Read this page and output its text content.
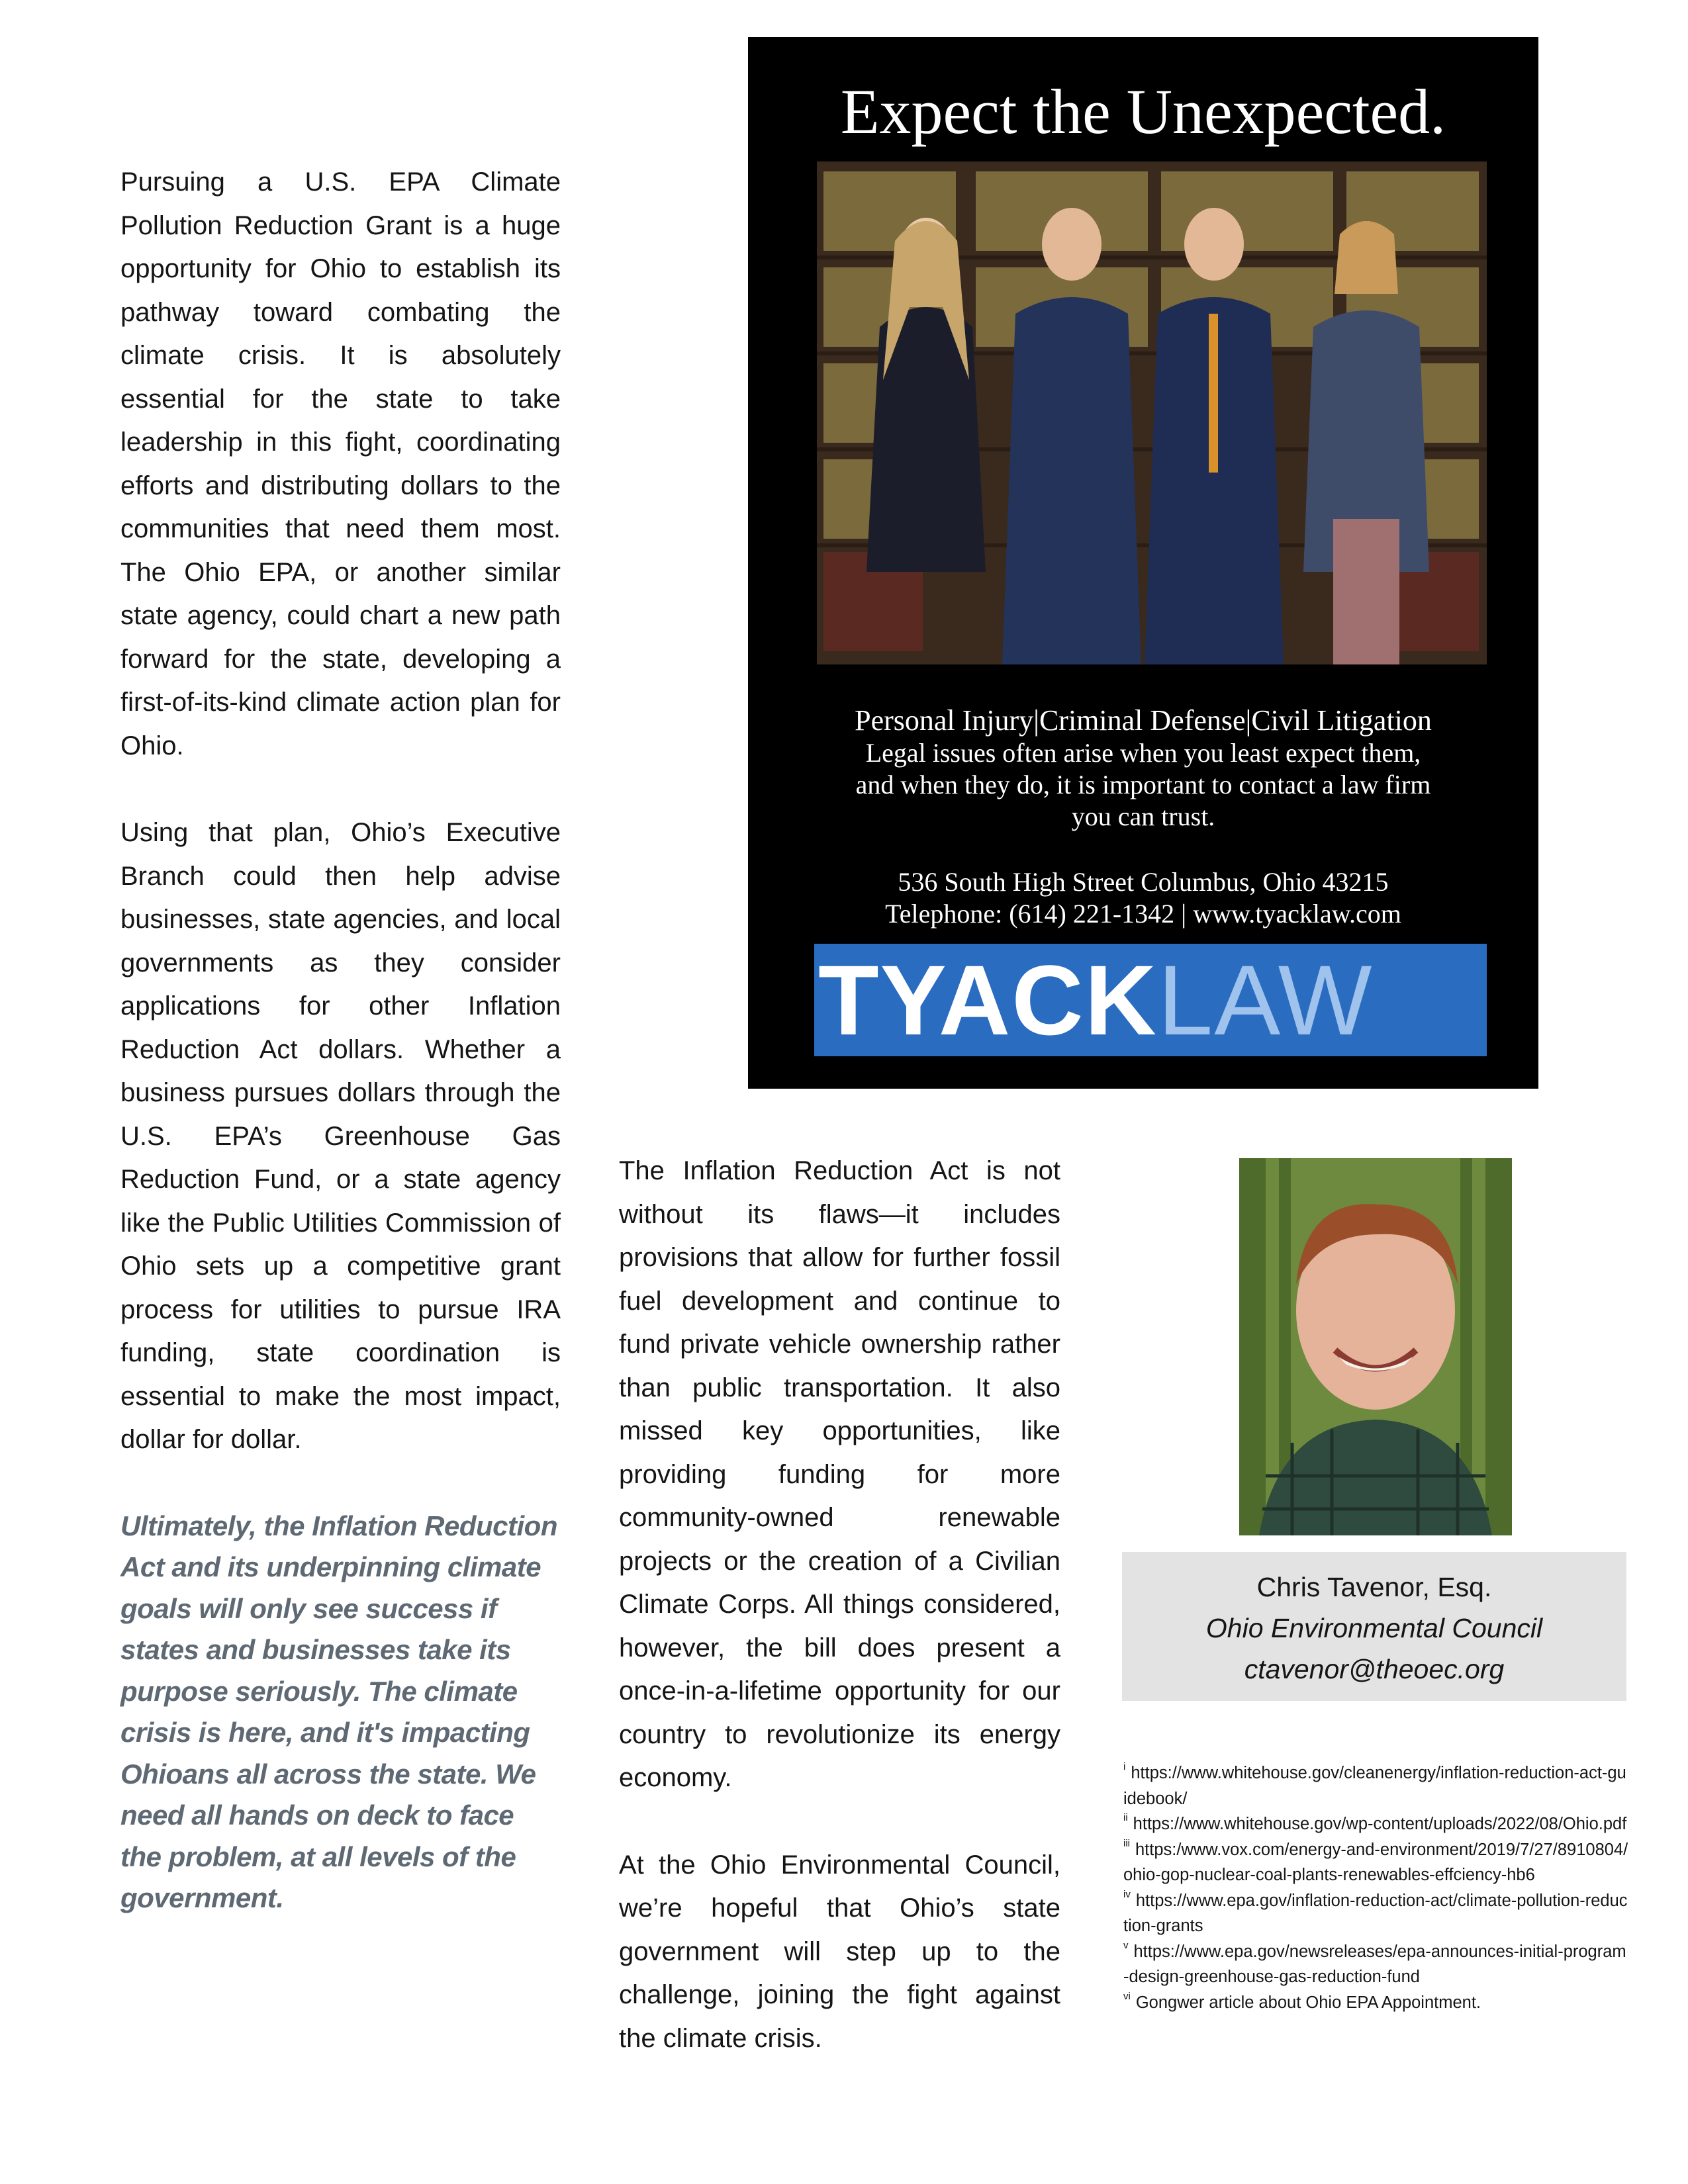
Pursuing a U.S. EPA Climate Pollution Reduction Grant is a huge opportunity for Ohio to establish its pathway toward combating the climate crisis. It is absolutely essential for the state to take leadership in this fight, coordinating efforts and distributing dollars to the communities that need them most. The Ohio EPA, or another similar state agency, could chart a new path forward for the state, developing a first-of-its-kind climate action plan for Ohio.

Using that plan, Ohio’s Executive Branch could then help advise businesses, state agencies, and local governments as they consider applications for other Inflation Reduction Act dollars. Whether a business pursues dollars through the U.S. EPA’s Greenhouse Gas Reduction Fund, or a state agency like the Public Utilities Commission of Ohio sets up a competitive grant process for utilities to pursue IRA funding, state coordination is essential to make the most impact, dollar for dollar.

Ultimately, the Inflation Reduction Act and its underpinning climate goals will only see success if states and businesses take its purpose seriously. The climate crisis is here, and it's impacting Ohioans all across the state. We need all hands on deck to face the problem, at all levels of the government.

Expect the Unexpected.
Personal Injury|Criminal Defense|Civil Litigation

Legal issues often arise when you least expect them, and when they do, it is important to contact a law firm you can trust.

536 South High Street Columbus, Ohio 43215
Telephone: (614) 221-1342 | www.tyacklaw.com
TYACKLAW

The Inflation Reduction Act is not without its flaws—it includes provisions that allow for further fossil fuel development and continue to fund private vehicle ownership rather than public transportation. It also missed key opportunities, like providing funding for more community-owned renewable projects or the creation of a Civilian Climate Corps. All things considered, however, the bill does present a once-in-a-lifetime opportunity for our country to revolutionize its energy economy.

At the Ohio Environmental Council, we’re hopeful that Ohio’s state government will step up to the challenge, joining the fight against the climate crisis.

Chris Tavenor, Esq.
Ohio Environmental Council
ctavenor@theoec.org

$^i$ https://www.whitehouse.gov/cleanenergy/inflation-reduction-act-guidebook/

$^{ii}$ https://www.whitehouse.gov/wp-content/uploads/2022/08/Ohio.pdf

$^{iii}$ https:/www.vox.com/energy-and-environment/2019/7/27/8910804/ohio-gop-nuclear-coal-plants-renewables-effciency-hb6

$^{iv}$ https://www.epa.gov/inflation-reduction-act/climate-pollution-reduction-grants

$^v$ https://www.epa.gov/newsreleases/epa-announces-initial-program-design-greenhouse-gas-reduction-fund

$^{vi}$ Gongwer article about Ohio EPA Appointment.
